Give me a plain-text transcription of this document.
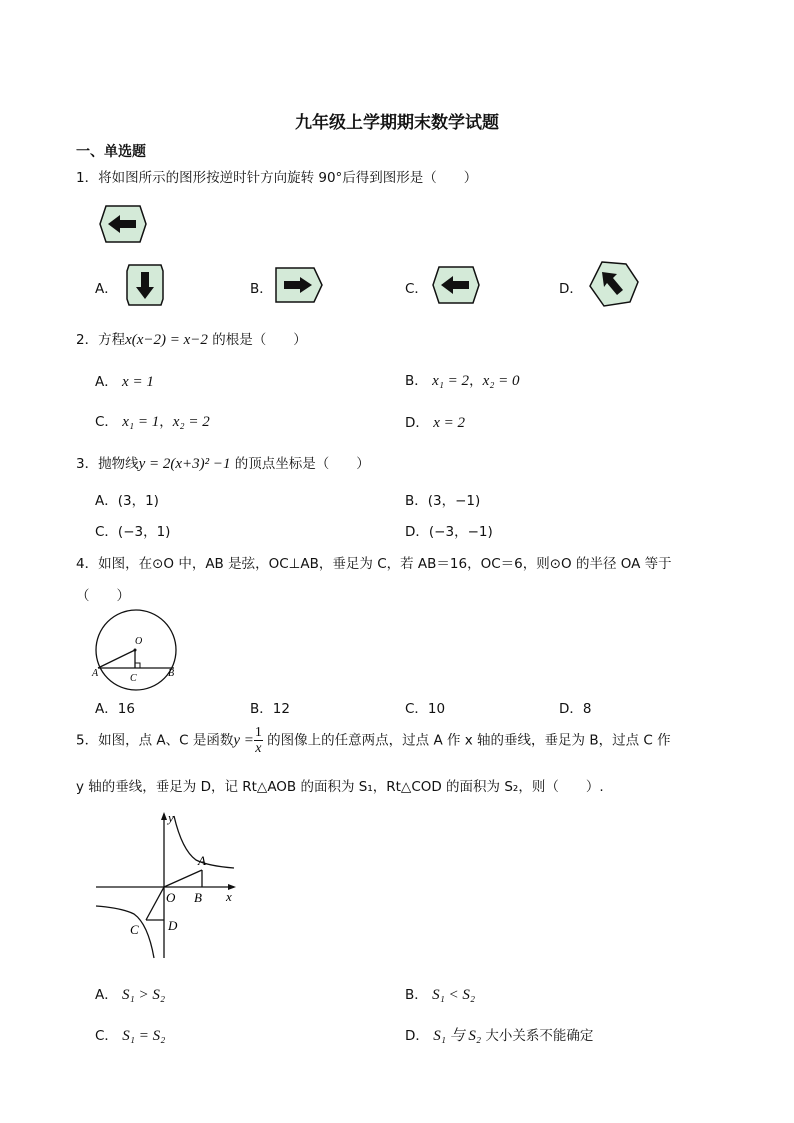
九年级上学期期末数学试题
一、单选题
1．将如图所示的图形按逆时针方向旋转 90°后得到图形是（　　）
A．	B．	C．	D．
2．方程x(x−2) = x−2 的根是（　　）
A． x = 1	B． x₁ = 2，x₂ = 0
C． x₁ = 1，x₂ = 2	D． x = 2
3．抛物线y = 2(x+3)² −1 的顶点坐标是（　　）
A．(3，1)	B．(3，−1)
C．(−3，1)	D．(−3，−1)
4．如图，在⊙O 中，AB 是弦，OC⊥AB，垂足为 C，若 AB＝16，OC＝6，则⊙O 的半径 OA 等于
（　　）
O
A	C	B
A．16	B．12	C．10	D．8
5．如图，点 A、C 是函数$y = \frac{1}{x}$ 的图像上的任意两点，过点 A 作 x 轴的垂线，垂足为 B，过点 C 作
y 轴的垂线，垂足为 D，记 Rt△AOB 的面积为 S₁，Rt△COD 的面积为 S₂，则（　　）.
y
x
O
A
B
C D
A． S₁ > S₂	B． S₁ < S₂
C． S₁ = S₂	D． S₁ 与 S₂ 大小关系不能确定
